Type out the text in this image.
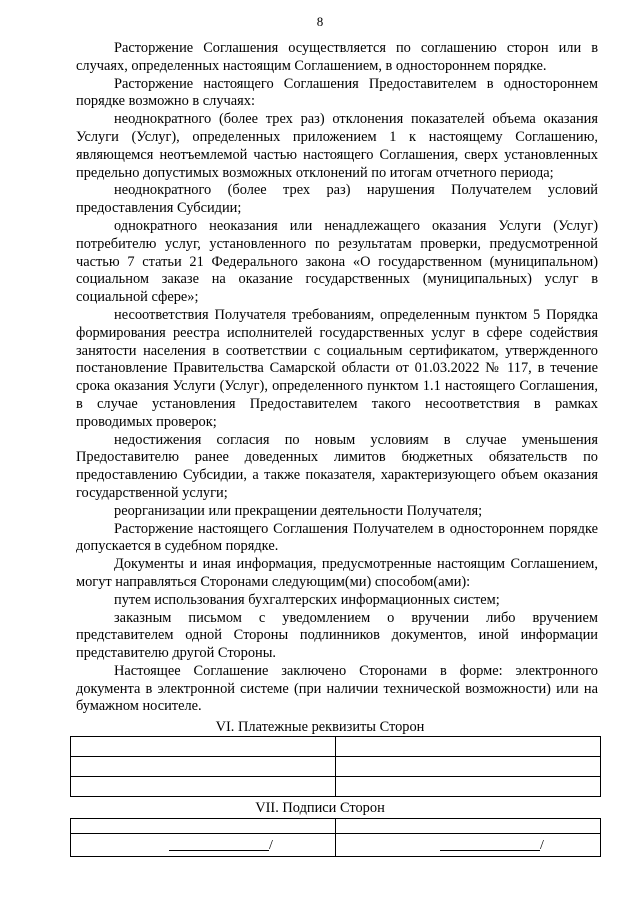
8

Расторжение Соглашения осуществляется по соглашению сторон или в случаях, определенных настоящим Соглашением, в одностороннем порядке.

Расторжение настоящего Соглашения Предоставителем в одностороннем порядке возможно в случаях:

неоднократного (более трех раз) отклонения показателей объема оказания Услуги (Услуг), определенных приложением 1 к настоящему Соглашению, являющемся неотъемлемой частью настоящего Соглашения, сверх установленных предельно допустимых возможных отклонений по итогам отчетного периода;

неоднократного (более трех раз) нарушения Получателем условий предоставления Субсидии;

однократного неоказания или ненадлежащего оказания Услуги (Услуг) потребителю услуг, установленного по результатам проверки, предусмотренной частью 7 статьи 21 Федерального закона «О государственном (муниципальном) социальном заказе на оказание государственных (муниципальных) услуг в социальной сфере»;

несоответствия Получателя требованиям, определенным пунктом 5 Порядка формирования реестра исполнителей государственных услуг в сфере содействия занятости населения в соответствии с социальным сертификатом, утвержденного постановление Правительства Самарской области от 01.03.2022 № 117, в течение срока оказания Услуги (Услуг), определенного пунктом 1.1 настоящего Соглашения, в случае установления Предоставителем такого несоответствия в рамках проводимых проверок;

недостижения согласия по новым условиям в случае уменьшения Предоставителю ранее доведенных лимитов бюджетных обязательств по предоставлению Субсидии, а также показателя, характеризующего объем оказания государственной услуги;

реорганизации или прекращении деятельности Получателя;

Расторжение настоящего Соглашения Получателем в одностороннем порядке допускается в судебном порядке.

Документы и иная информация, предусмотренные настоящим Соглашением, могут направляться Сторонами следующим(ми) способом(ами):

путем использования бухгалтерских информационных систем;

заказным письмом с уведомлением о вручении либо вручением представителем одной Стороны подлинников документов, иной информации представителю другой Стороны.

Настоящее Соглашение заключено Сторонами в форме: электронного документа в электронной системе (при наличии технической возможности) или на бумажном носителе.

VI. Платежные реквизиты Сторон

VII. Подписи Сторон

/	/
